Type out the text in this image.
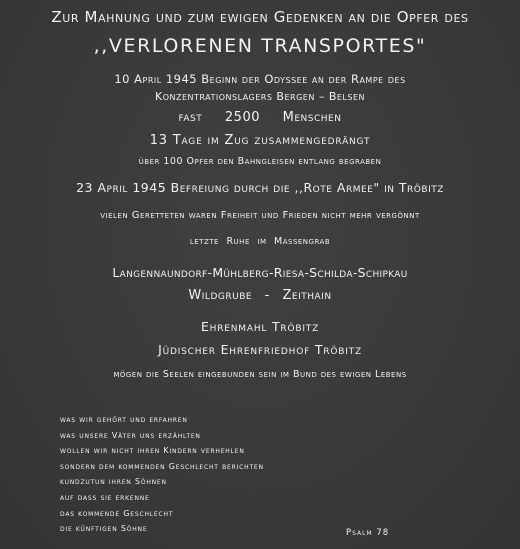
Zur Mahnung und zum ewigen Gedenken an die Opfer des
,,VERLORENEN TRANSPORTES"
10 April 1945 Beginn der Odyssee an der Rampe des
Konzentrationslagers Bergen – Belsen
fast 2500 Menschen
13 Tage im Zug zusammengedrängt
über 100 Opfer den Bahngleisen entlang begraben
23 April 1945 Befreiung durch die ,,Rote Armee" in Tröbitz
vielen Geretteten waren Freiheit und Frieden nicht mehr vergönnt
letzte Ruhe im Massengrab
Langennaundorf-Mühlberg-Riesa-Schilda-Schipkau
Wildgrube - Zeithain
Ehrenmahl Tröbitz
Jüdischer Ehrenfriedhof Tröbitz
mögen die Seelen eingebunden sein im Bund des ewigen Lebens
was wir gehört und erfahren
was unsere Väter uns erzählten
wollen wir nicht ihren Kindern verhehlen
sondern dem kommenden Geschlecht berichten
kundzutun ihren Söhnen
auf dass sie erkenne
das kommende Geschlecht
die künftigen Söhne	Psalm 78
